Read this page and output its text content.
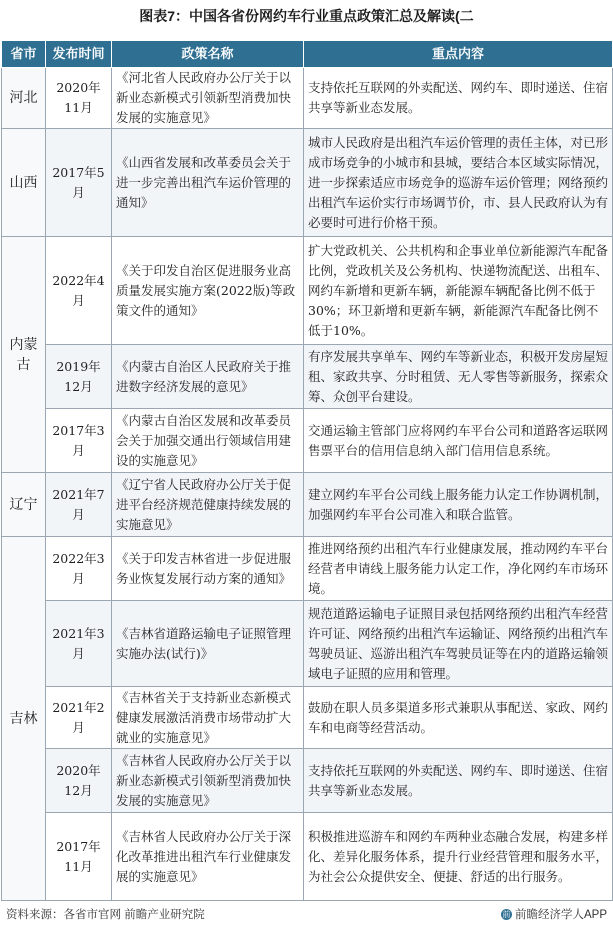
图表7：中国各省份网约车行业重点政策汇总及解读(二
省市	发布时间	政策名称	重点内容
河北	2020年11月	《河北省人民政府办公厅关于以新业态新模式引领新型消费加快发展的实施意见》	支持依托互联网的外卖配送、网约车、即时递送、住宿共享等新业态发展。
山西	2017年5月	《山西省发展和改革委员会关于进一步完善出租汽车运价管理的通知》	城市人民政府是出租汽车运价管理的责任主体，对已形成市场竞争的小城市和县城，要结合本区域实际情况，进一步探索适应市场竞争的巡游车运价管理；网络预约出租汽车运价实行市场调节价，市、县人民政府认为有必要时可进行价格干预。
内蒙古	2022年4月	《关于印发自治区促进服务业高质量发展实施方案(2022版)等政策文件的通知》	扩大党政机关、公共机构和企事业单位新能源汽车配备比例，党政机关及公务机构、快递物流配送、出租车、网约车新增和更新车辆，新能源车辆配备比例不低于30%；环卫新增和更新车辆，新能源汽车配备比例不低于10%。
	2019年12月	《内蒙古自治区人民政府关于推进数字经济发展的意见》	有序发展共享单车、网约车等新业态，积极开发房屋短租、家政共享、分时租赁、无人零售等新服务，探索众筹、众创平台建设。
	2017年3月	《内蒙古自治区发展和改革委员会关于加强交通出行领域信用建设的实施意见》	交通运输主管部门应将网约车平台公司和道路客运联网售票平台的信用信息纳入部门信用信息系统。
辽宁	2021年7月	《辽宁省人民政府办公厅关于促进平台经济规范健康持续发展的实施意见》	建立网约车平台公司线上服务能力认定工作协调机制，加强网约车平台公司准入和联合监管。
吉林	2022年3月	《关于印发吉林省进一步促进服务业恢复发展行动方案的通知》	推进网络预约出租汽车行业健康发展，推动网约车平台经营者申请线上服务能力认定工作，净化网约车市场环境。
	2021年3月	《吉林省道路运输电子证照管理实施办法(试行)》	规范道路运输电子证照目录包括网络预约出租汽车经营许可证、网络预约出租汽车运输证、网络预约出租汽车驾驶员证、巡游出租汽车驾驶员证等在内的道路运输领域电子证照的应用和管理。
	2021年2月	《吉林省关于支持新业态新模式健康发展激活消费市场带动扩大就业的实施意见》	鼓励在职人员多渠道多形式兼职从事配送、家政、网约车和电商等经营活动。
	2020年12月	《吉林省人民政府办公厅关于以新业态新模式引领新型消费加快发展的实施意见》	支持依托互联网的外卖配送、网约车、即时递送、住宿共享等新业态发展。
	2017年11月	《吉林省人民政府办公厅关于深化改革推进出租汽车行业健康发展的实施意见》	积极推进巡游车和网约车两种业态融合发展，构建多样化、差异化服务体系，提升行业经营管理和服务水平，为社会公众提供安全、便捷、舒适的出行服务。
资料来源：各省市官网 前瞻产业研究院	前 前瞻经济学人APP
